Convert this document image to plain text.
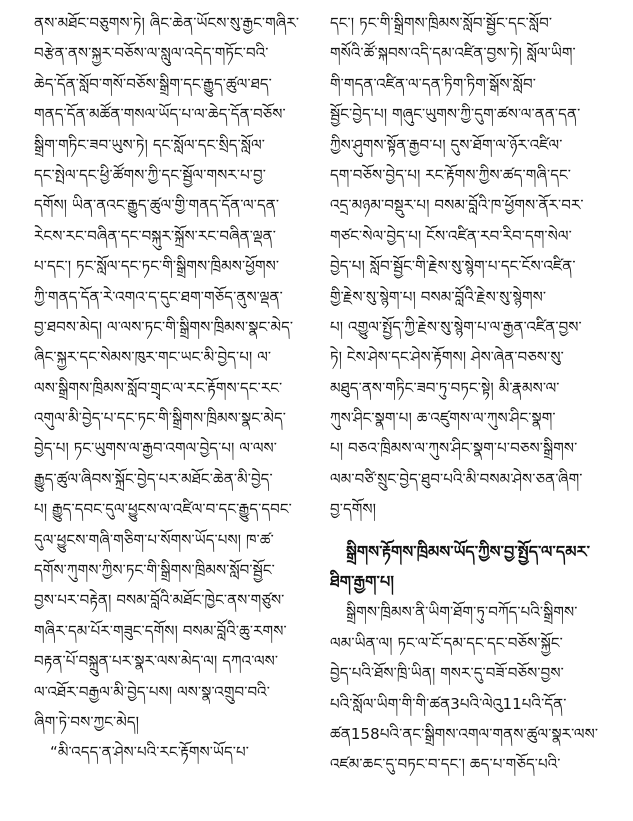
ནས་མཐོང་བཅུགས་ཏེ། ཞིང་ཆེན་ཡོངས་སུ་རྒྱང་གཞིར་
བརྩེན་ནས་སྐྱར་བཅོས་ལ་སླུལ་འདེད་གཏོང་བའི་
ཆེད་དོན་སློབ་གསོ་བཅོས་སྒྲིག་དང་རྒྱུད་ཚུལ་ཐད་
གནད་དོན་མཚོན་གསལ་ཡོད་པ་ལ་ཆེད་དོན་བཅོས་
སྒྲིག་གཏིང་ཟབ་ཡུས་ཏེ། དང་སློལ་དང་སྲིད་སློལ་
དང་སྤེལ་དང་ཕྱི་ཚོགས་ཀྱི་དང་སྦྱོལ་གསར་པ་བྱ་
དགོས། ཡིན་ནའང་རྒྱུད་ཚུལ་གྱི་གནད་དོན་ལ་དན་
རེངས་རང་བཞིན་དང་བསྐུར་སྐྲོས་རང་བཞིན་ལྡན་
པ་དང་། ཏང་སློལ་དང་ཏང་གི་སྒྲིགས་ཁྲིམས་ཕྱོགས་
ཀྱི་གནད་དོན་རེ་འགའ་ད་དུང་ཐག་གཅོད་ནུས་ལྡན་
བྱ་ཐབས་མེད། ལ་ལས་ཏང་གི་སྒྲིགས་ཁྲིམས་སྣང་མེད་
ཞིང་སྐྱར་དང་སེམས་ཁུར་གང་ཡང་མི་བྱེད་པ། ལ་
ལས་སྒྲིགས་ཁྲིམས་སློབ་གྲྭང་ལ་རང་རྟོགས་དང་རང་
འགུལ་མི་བྱེད་པ་དང་ཏང་གི་སྒྲིགས་ཁྲིམས་སྣང་མེད་
བྱེད་པ། ཏང་ཡུགས་ལ་རྒྱབ་འགལ་བྱེད་པ། ལ་ལས་
རྒྱུད་ཚུལ་ཞིབས་སྐྲོང་བྱེད་པར་མཐོང་ཆེན་མི་བྱེད་
པ། རྒྱུད་དབང་དུལ་ཕྱུངས་ལ་འཛིལ་བ་དང་རྒྱུད་དབང་
དུལ་ཕྱུངས་གཞི་གཅིག་པ་སོགས་ཡོད་པས། ཁ་ཚ་
དགོས་ཀུགས་ཀྱིས་ཏང་གི་སྒྲིགས་ཁྲིམས་སློབ་སྦྱོང་
བྱས་པར་བརྟེན། བསམ་བློའི་མཐོང་ཁྱེང་ནས་གཙུས་
གཞིར་དམ་པོར་གཟུང་དགོས། བསམ་བློའི་ཆུ་རགས་
བརྟན་པོ་བསྐྲུན་པར་སྣར་ལས་མེད་ལ། དཀའ་ལས་
ལ་འཐོར་བརྒྱལ་མི་བྱེད་པས། ལས་སྣ་འགྲུབ་བའི་
ཞིག་ཏེ་བས་ཀྱང་མེད།
“མི་འདད་ན་ཤེས་པའི་རང་རྟོགས་ཡོད་པ་
དང་། ཏང་གི་སྒྲིགས་ཁྲིམས་སློབ་སྦྱོང་དང་སློབ་
གསོའི་ཚོ་སྐབས་འདི་དམ་འཛིན་བྱས་ཏེ། སློལ་ཡིག་
གི་གདན་འཛིན་ལ་དན་ཏིག་ཏིག་སྒོས་སློབ་
སྦྱོང་བྱེད་པ། གཞུང་ཡུགས་ཀྱི་དུག་ཚས་ལ་ནན་དན་
ཀྱིས་ཤུགས་སྟོན་རྒྱབ་པ། དུས་ཐོག་ལ་ཉོར་འཛིལ་
དག་བཅོས་བྱེད་པ། རང་རྟོགས་ཀྱིས་ཚད་གཞི་དང་
འདྲ་མཉམ་བསྡུར་པ། བསམ་བློའི་ཁ་ཕྱོགས་ནོར་བར་
གཙང་སེལ་བྱེད་པ། ངོས་འཛིན་རབ་རིབ་དག་སེལ་
བྱེད་པ། སློབ་སྦྱོང་གི་རྗེས་སུ་སྙེག་པ་དང་ངོས་འཛིན་
གྱི་རྗེས་སུ་སྙེག་པ། བསམ་བློའི་རྗེས་སུ་སྙེགས་
པ། འགྱུལ་སྤྱོད་ཀྱི་རྗེས་སུ་སྙེག་པ་ལ་རྒྱན་འཛིན་བྱས་
ཏེ། ངེས་ཤེས་དང་ཤེས་རྟོགས། ཤེས་ཞེན་བཅས་སུ་
མཐུད་ནས་གཏིང་ཟབ་ཏུ་བཏང་སྟེ། མི་རྣམས་ལ་
ཀུས་ཤིང་སྣག་པ། ཆ་འཛུགས་ལ་ཀུས་ཤིང་སྣག་
པ། བཅའ་ཁྲིམས་ལ་ཀུས་ཤིང་སྣག་པ་བཅས་སྒྲིགས་
ལམ་བཙི་སྲུང་བྱེད་ཐུབ་པའི་མི་བསམ་ཤེས་ཅན་ཞིག་
བྱ་དགོས།
སྒྲིགས་རྟོགས་ཁྲིམས་ཡོད་ཀྱིས་བྱ་སྤྱོད་ལ་དམར་
ཐིག་རྒྱག་པ།
སྒྲིགས་ཁྲིམས་ནི་ཡིག་ཐོག་ཏུ་བཀོད་པའི་སྒྲིགས་
ལམ་ཡིན་ལ། ཏང་ལ་ངོ་དམ་དང་དང་བཅོས་སྐྱོང་
བྱེད་པའི་ཐོས་ཁྲི་ཡིན། གསར་དུ་བཟོ་བཅོས་བྱས་
པའི་སློལ་ཡིག་གི་གི་ཚན3པའི་ལེའུ11པའི་དོན་
ཚན158པའི་ནང་སྒྲིགས་འགལ་གནས་ཚུལ་སྣར་ལས་
འཛམ་ཆང་དུ་བཏང་བ་དང་། ཆད་པ་གཅོད་པའི་
